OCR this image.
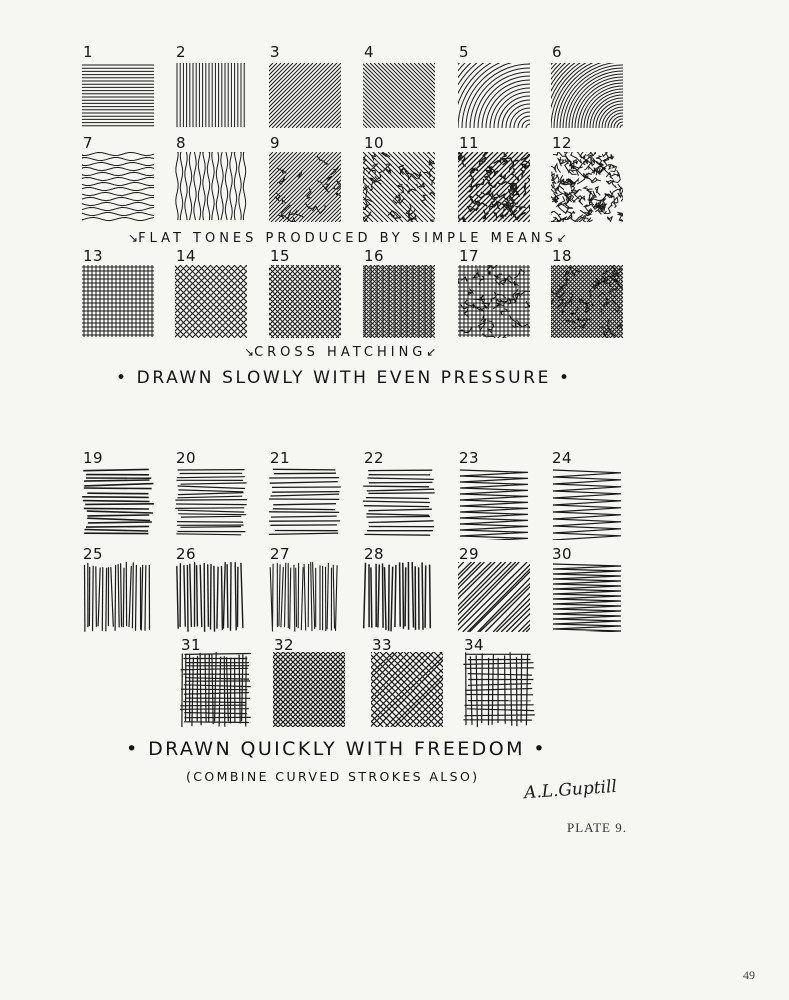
1	2	3	4	5	6
7	8	9	10	11	12
13	14	15	16	17	18
19	20	21	22	23	24
25	26	27	28	29	30
31	32	33	34
↘FLAT TONES PRODUCED BY SIMPLE MEANS↙
↘CROSS HATCHING↙
• DRAWN SLOWLY WITH EVEN PRESSURE •
• DRAWN QUICKLY WITH FREEDOM •
(COMBINE CURVED STROKES ALSO)
A.L.Guptill
PLATE 9.
49
